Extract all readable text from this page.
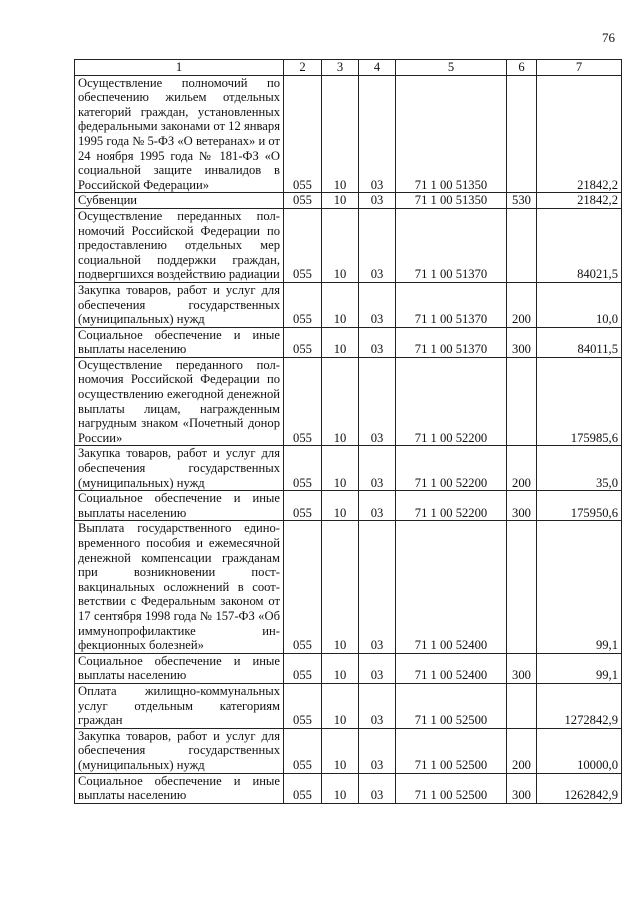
76
1	2	3	4	5	6	7
Осуществление полномочий по обеспечению жильем отдельных категорий граждан, установленных федеральными законами от 12 января 1995 года № 5-ФЗ «О ветеранах» и от 24 ноября 1995 года № 181-ФЗ «О социальной защите инвалидов в Российской Федерации»	055	10	03	71 1 00 51350		21842,2
Субвенции	055	10	03	71 1 00 51350	530	21842,2
Осуществление переданных полномочий Российской Федерации по предоставлению отдельных мер социальной поддержки граждан, подвергшихся воздействию радиации	055	10	03	71 1 00 51370		84021,5
Закупка товаров, работ и услуг для обеспечения государственных (муниципальных) нужд	055	10	03	71 1 00 51370	200	10,0
Социальное обеспечение и иные выплаты населению	055	10	03	71 1 00 51370	300	84011,5
Осуществление переданного полномочия Российской Федерации по осуществлению ежегодной денежной выплаты лицам, награжденным нагрудным знаком «Почетный донор России»	055	10	03	71 1 00 52200		175985,6
Закупка товаров, работ и услуг для обеспечения государственных (муниципальных) нужд	055	10	03	71 1 00 52200	200	35,0
Социальное обеспечение и иные выплаты населению	055	10	03	71 1 00 52200	300	175950,6
Выплата государственного единовременного пособия и ежемесячной денежной компенсации гражданам при возникновении поствакцинальных осложнений в соответствии с Федеральным законом от 17 сентября 1998 года № 157-ФЗ «Об иммунопрофилактике инфекционных болезней»	055	10	03	71 1 00 52400		99,1
Социальное обеспечение и иные выплаты населению	055	10	03	71 1 00 52400	300	99,1
Оплата жилищно-коммунальных услуг отдельным категориям граждан	055	10	03	71 1 00 52500		1272842,9
Закупка товаров, работ и услуг для обеспечения государственных (муниципальных) нужд	055	10	03	71 1 00 52500	200	10000,0
Социальное обеспечение и иные выплаты населению	055	10	03	71 1 00 52500	300	1262842,9
